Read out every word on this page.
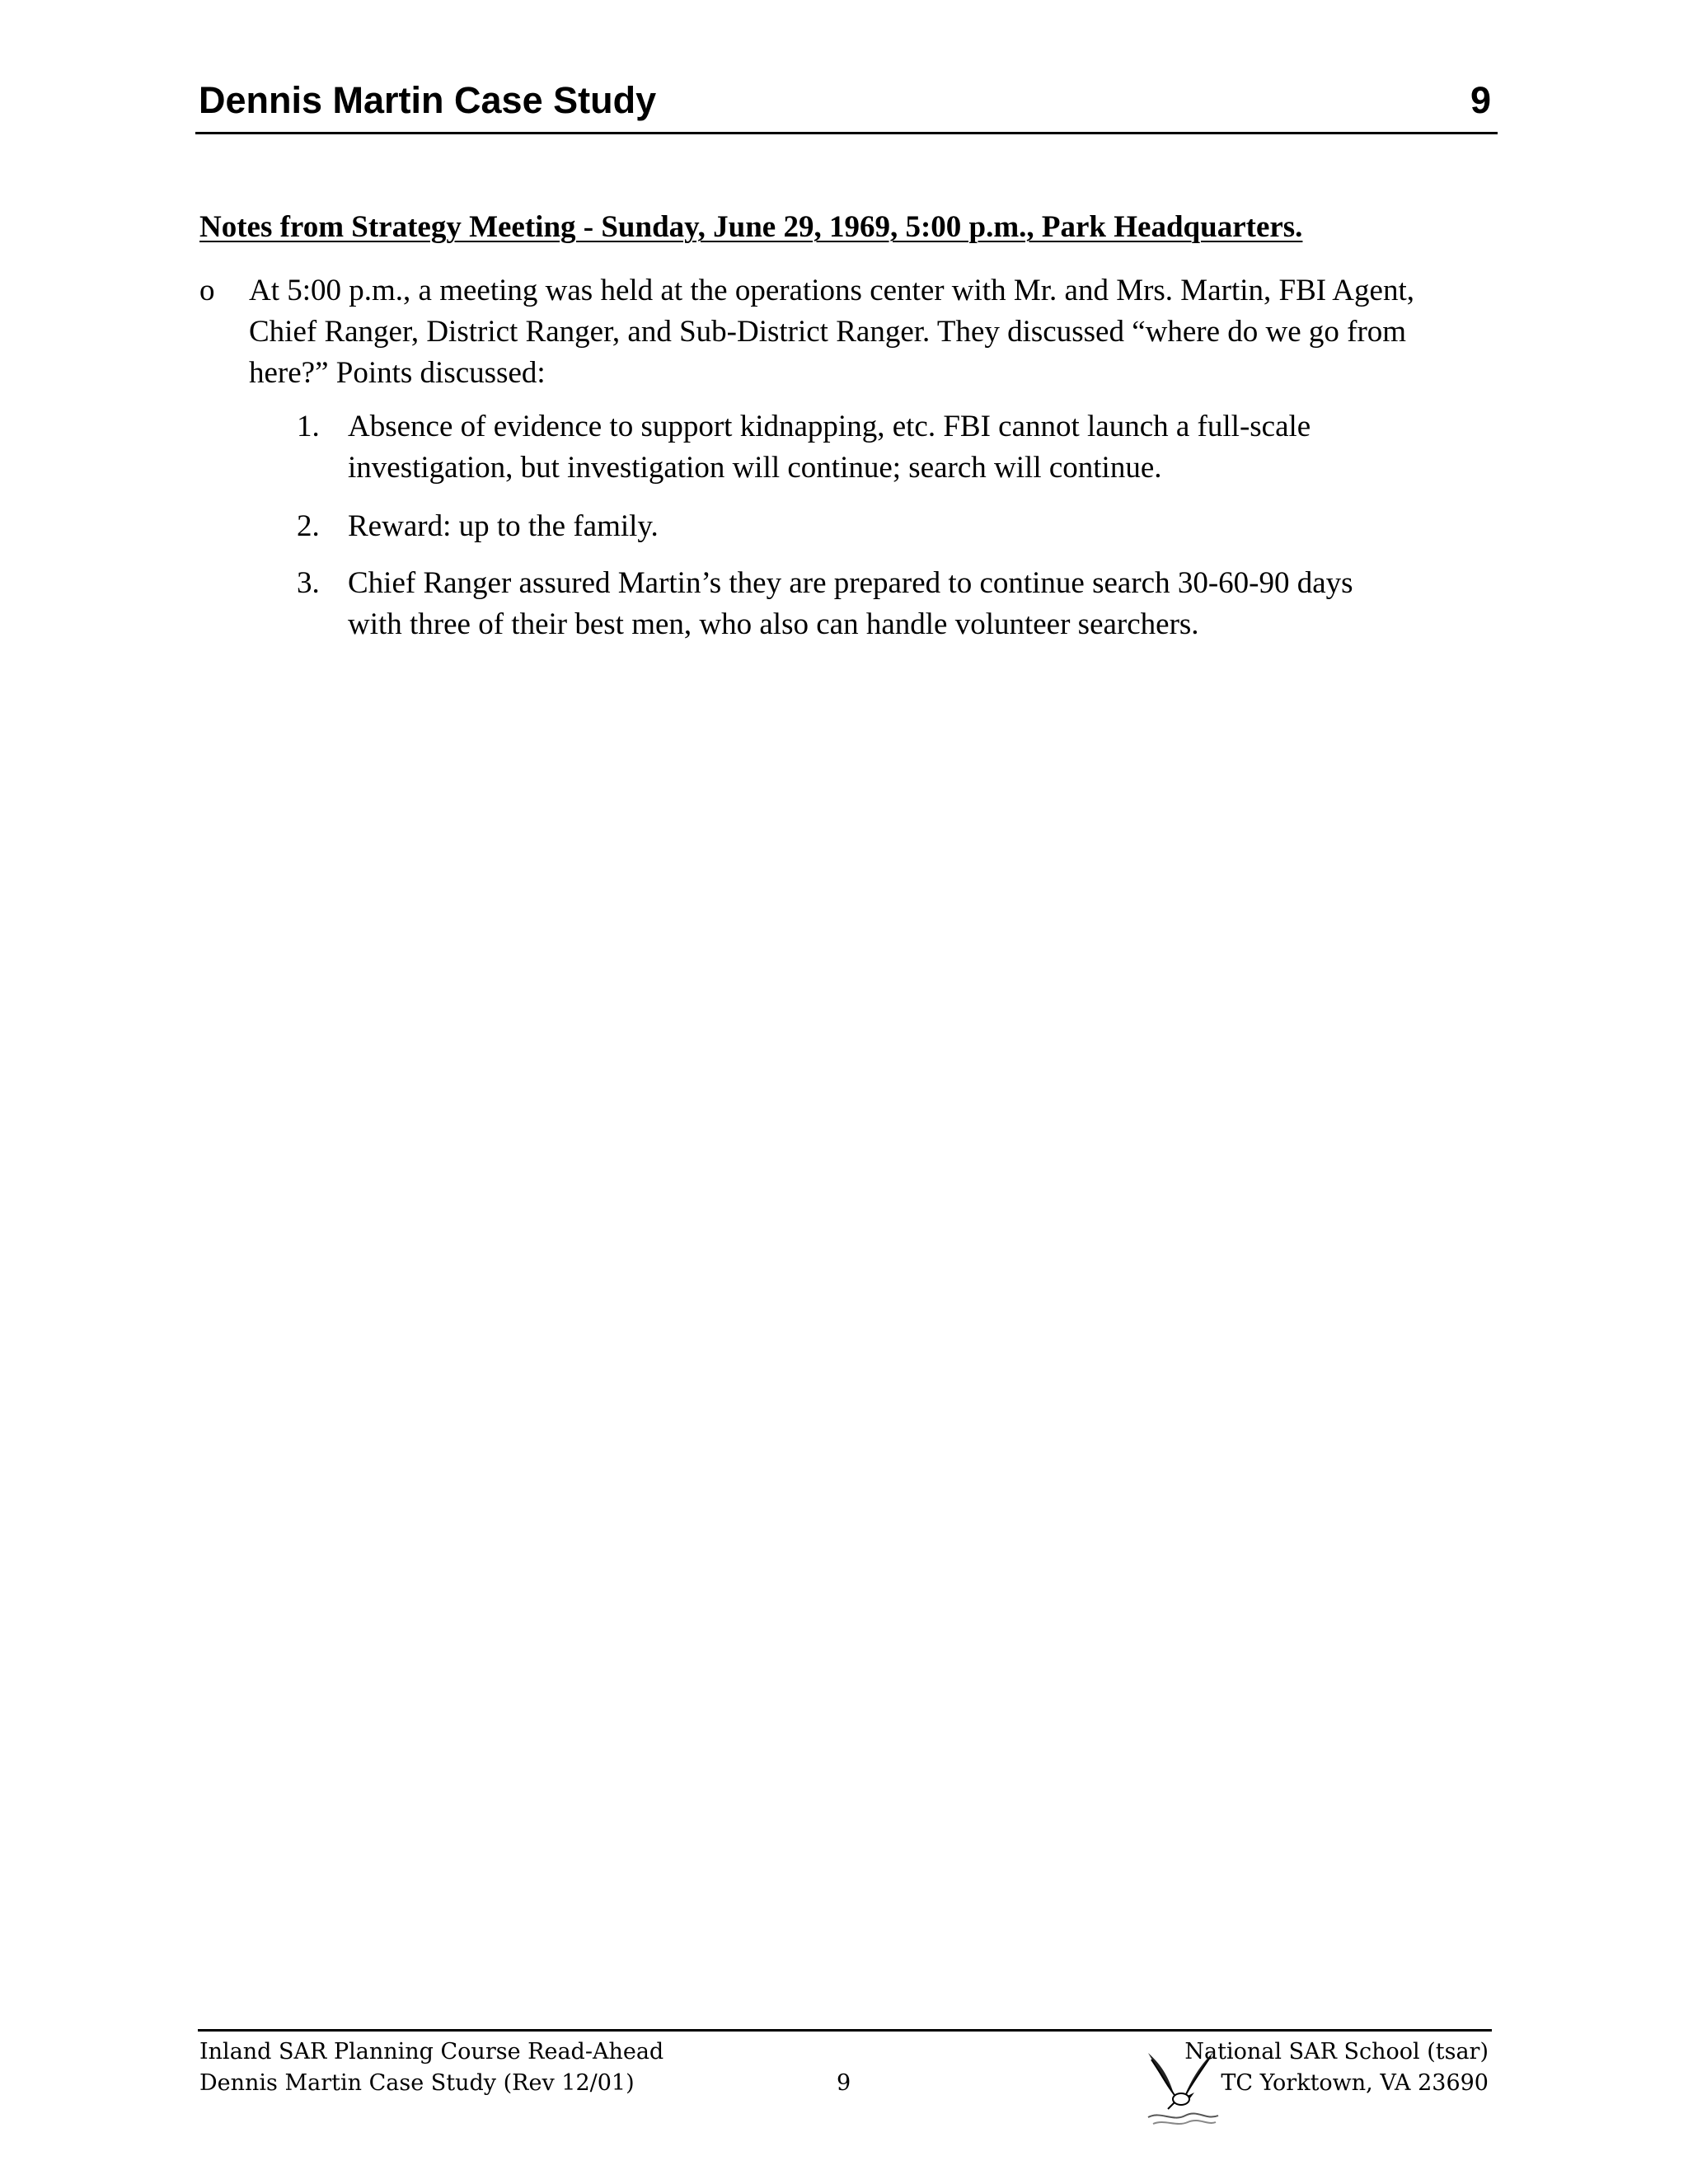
Dennis Martin Case Study	9
Notes from Strategy Meeting - Sunday, June 29, 1969, 5:00 p.m., Park Headquarters.
o At 5:00 p.m., a meeting was held at the operations center with Mr. and Mrs. Martin, FBI Agent,
Chief Ranger, District Ranger, and Sub-District Ranger. They discussed “where do we go from
here?” Points discussed:
1. Absence of evidence to support kidnapping, etc. FBI cannot launch a full-scale
investigation, but investigation will continue; search will continue.
2. Reward: up to the family.
3. Chief Ranger assured Martin’s they are prepared to continue search 30-60-90 days
with three of their best men, who also can handle volunteer searchers.
Inland SAR Planning Course Read-Ahead
Dennis Martin Case Study (Rev 12/01)	9
National SAR School (tsar)
TC Yorktown, VA 23690
